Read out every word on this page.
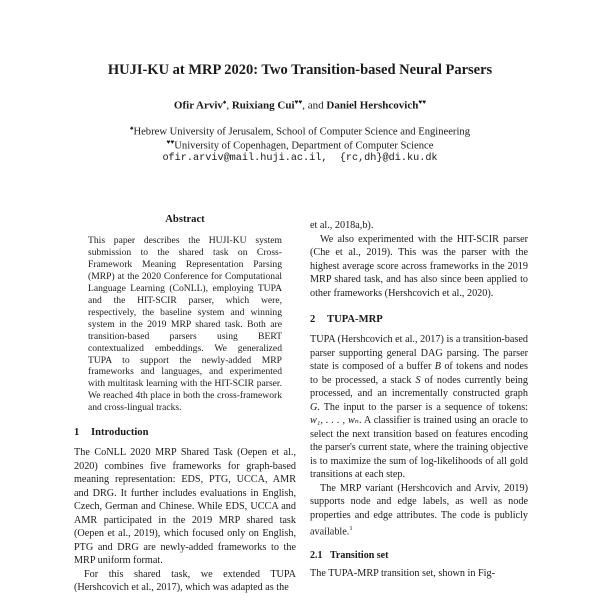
HUJI-KU at MRP 2020: Two Transition-based Neural Parsers
Ofir Arviv♠, Ruixiang Cui♥♥, and Daniel Hershcovich♥♥
♠Hebrew University of Jerusalem, School of Computer Science and Engineering
♥♥University of Copenhagen, Department of Computer Science
ofir.arviv@mail.huji.ac.il,  {rc,dh}@di.ku.dk
Abstract

This paper describes the HUJI-KU system submission to the shared task on Cross-Framework Meaning Representation Parsing (MRP) at the 2020 Conference for Computational Language Learning (CoNLL), employing TUPA and the HIT-SCIR parser, which were, respectively, the baseline system and winning system in the 2019 MRP shared task. Both are transition-based parsers using BERT contextualized embeddings. We generalized TUPA to support the newly-added MRP frameworks and languages, and experimented with multitask learning with the HIT-SCIR parser. We reached 4th place in both the cross-framework and cross-lingual tracks.

1 Introduction

The CoNLL 2020 MRP Shared Task (Oepen et al., 2020) combines five frameworks for graph-based meaning representation: EDS, PTG, UCCA, AMR and DRG. It further includes evaluations in English, Czech, German and Chinese. While EDS, UCCA and AMR participated in the 2019 MRP shared task (Oepen et al., 2019), which focused only on English, PTG and DRG are newly-added frameworks to the MRP uniform format.

For this shared task, we extended TUPA (Hershcovich et al., 2017), which was adapted as the

et al., 2018a,b).

We also experimented with the HIT-SCIR parser (Che et al., 2019). This was the parser with the highest average score across frameworks in the 2019 MRP shared task, and has also since been applied to other frameworks (Hershcovich et al., 2020).

2 TUPA-MRP

TUPA (Hershcovich et al., 2017) is a transition-based parser supporting general DAG parsing. The parser state is composed of a buffer B of tokens and nodes to be processed, a stack S of nodes currently being processed, and an incrementally constructed graph G. The input to the parser is a sequence of tokens: w₁, . . . , wₙ. A classifier is trained using an oracle to select the next transition based on features encoding the parser's current state, where the training objective is to maximize the sum of log-likelihoods of all gold transitions at each step.

The MRP variant (Hershcovich and Arviv, 2019) supports node and edge labels, as well as node properties and edge attributes. The code is publicly available.$^1$

2.1 Transition set

The TUPA-MRP transition set, shown in Fig-
